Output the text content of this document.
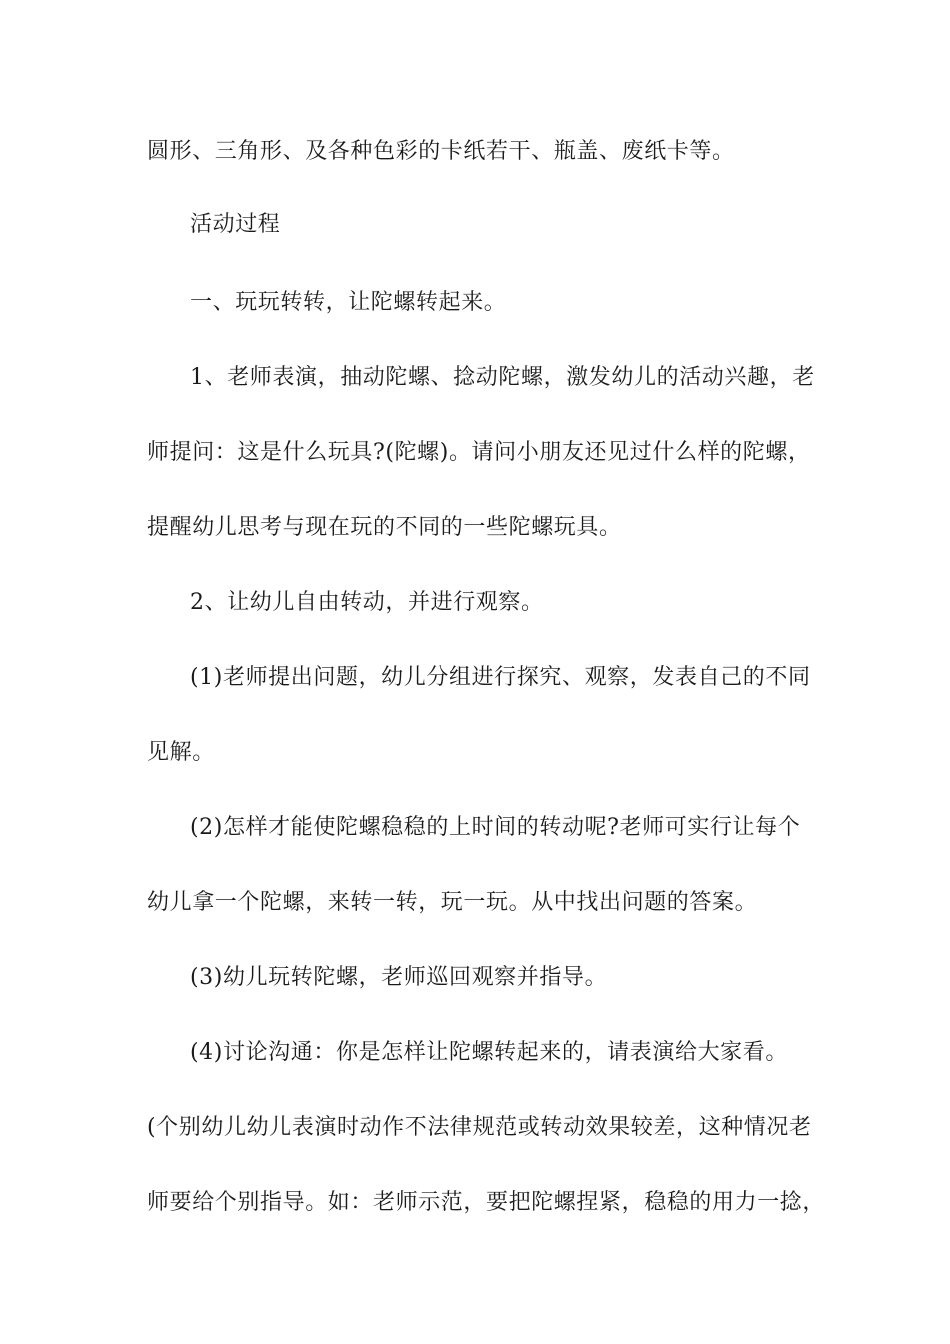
圆形、三角形、及各种色彩的卡纸若干、瓶盖、废纸卡等。
活动过程
一、玩玩转转，让陀螺转起来。
1、老师表演，抽动陀螺、捻动陀螺，激发幼儿的活动兴趣，老
师提问：这是什么玩具?(陀螺)。请问小朋友还见过什么样的陀螺，
提醒幼儿思考与现在玩的不同的一些陀螺玩具。
2、让幼儿自由转动，并进行观察。
(1)老师提出问题，幼儿分组进行探究、观察，发表自己的不同
见解。
(2)怎样才能使陀螺稳稳的上时间的转动呢?老师可实行让每个
幼儿拿一个陀螺，来转一转，玩一玩。从中找出问题的答案。
(3)幼儿玩转陀螺，老师巡回观察并指导。
(4)讨论沟通：你是怎样让陀螺转起来的，请表演给大家看。
(个别幼儿幼儿表演时动作不法律规范或转动效果较差，这种情况老
师要给个别指导。如：老师示范，要把陀螺捏紧，稳稳的用力一捻，
